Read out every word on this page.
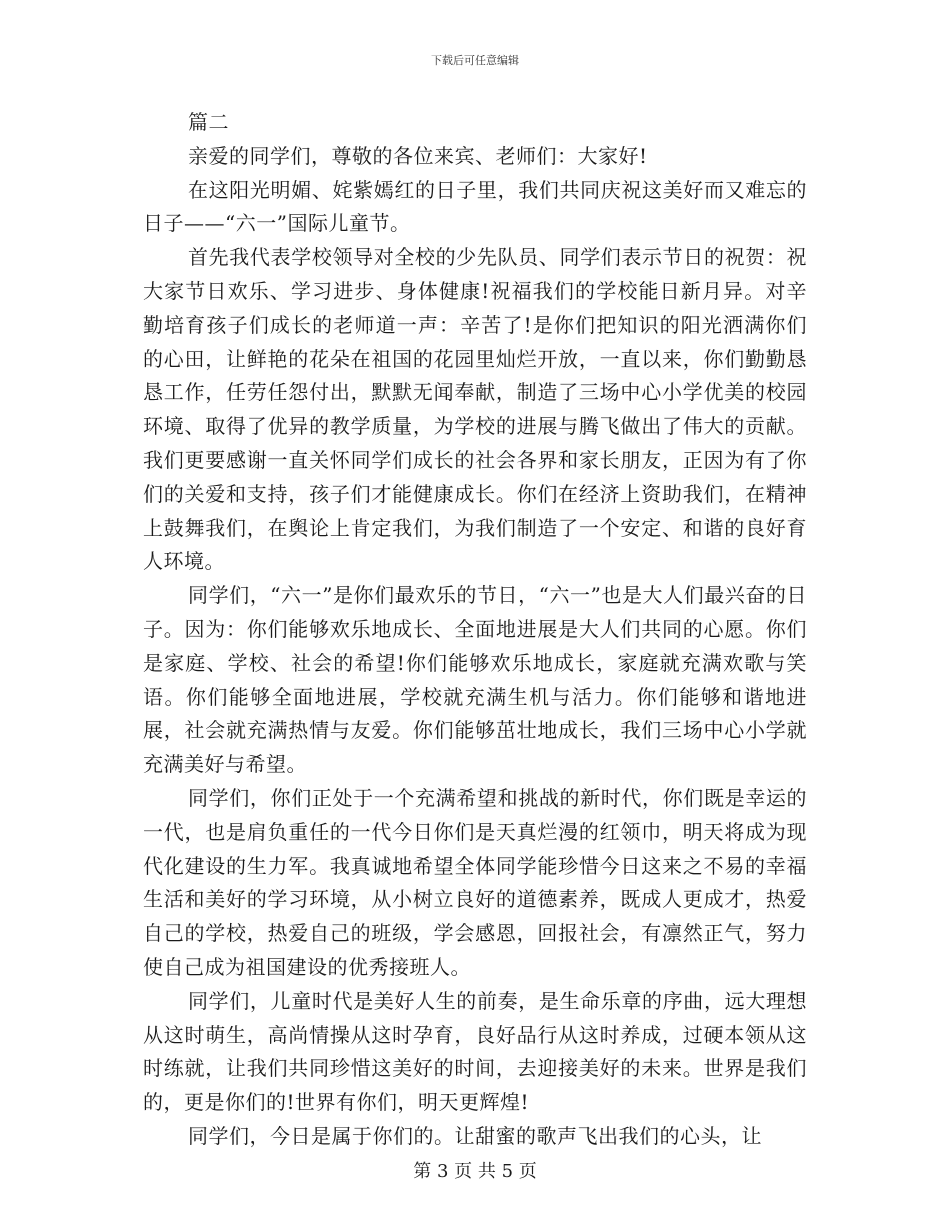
下载后可任意编辑

篇二

亲爱的同学们，尊敬的各位来宾、老师们：大家好!

在这阳光明媚、姹紫嫣红的日子里，我们共同庆祝这美好而又难忘的日子——“六一”国际儿童节。

首先我代表学校领导对全校的少先队员、同学们表示节日的祝贺：祝大家节日欢乐、学习进步、身体健康!祝福我们的学校能日新月异。对辛勤培育孩子们成长的老师道一声：辛苦了!是你们把知识的阳光洒满你们的心田，让鲜艳的花朵在祖国的花园里灿烂开放，一直以来，你们勤勤恳恳工作，任劳任怨付出，默默无闻奉献，制造了三场中心小学优美的校园环境、取得了优异的教学质量，为学校的进展与腾飞做出了伟大的贡献。我们更要感谢一直关怀同学们成长的社会各界和家长朋友，正因为有了你们的关爱和支持，孩子们才能健康成长。你们在经济上资助我们，在精神上鼓舞我们，在舆论上肯定我们，为我们制造了一个安定、和谐的良好育人环境。

同学们，“六一”是你们最欢乐的节日，“六一”也是大人们最兴奋的日子。因为：你们能够欢乐地成长、全面地进展是大人们共同的心愿。你们是家庭、学校、社会的希望!你们能够欢乐地成长，家庭就充满欢歌与笑语。你们能够全面地进展，学校就充满生机与活力。你们能够和谐地进展，社会就充满热情与友爱。你们能够茁壮地成长，我们三场中心小学就充满美好与希望。

同学们，你们正处于一个充满希望和挑战的新时代，你们既是幸运的一代，也是肩负重任的一代今日你们是天真烂漫的红领巾，明天将成为现代化建设的生力军。我真诚地希望全体同学能珍惜今日这来之不易的幸福生活和美好的学习环境，从小树立良好的道德素养，既成人更成才，热爱自己的学校，热爱自己的班级，学会感恩，回报社会，有凛然正气，努力使自己成为祖国建设的优秀接班人。

同学们，儿童时代是美好人生的前奏，是生命乐章的序曲，远大理想从这时萌生，高尚情操从这时孕育，良好品行从这时养成，过硬本领从这时练就，让我们共同珍惜这美好的时间，去迎接美好的未来。世界是我们的，更是你们的!世界有你们，明天更辉煌!

同学们，今日是属于你们的。让甜蜜的歌声飞出我们的心头，让

第 3 页 共 5 页
